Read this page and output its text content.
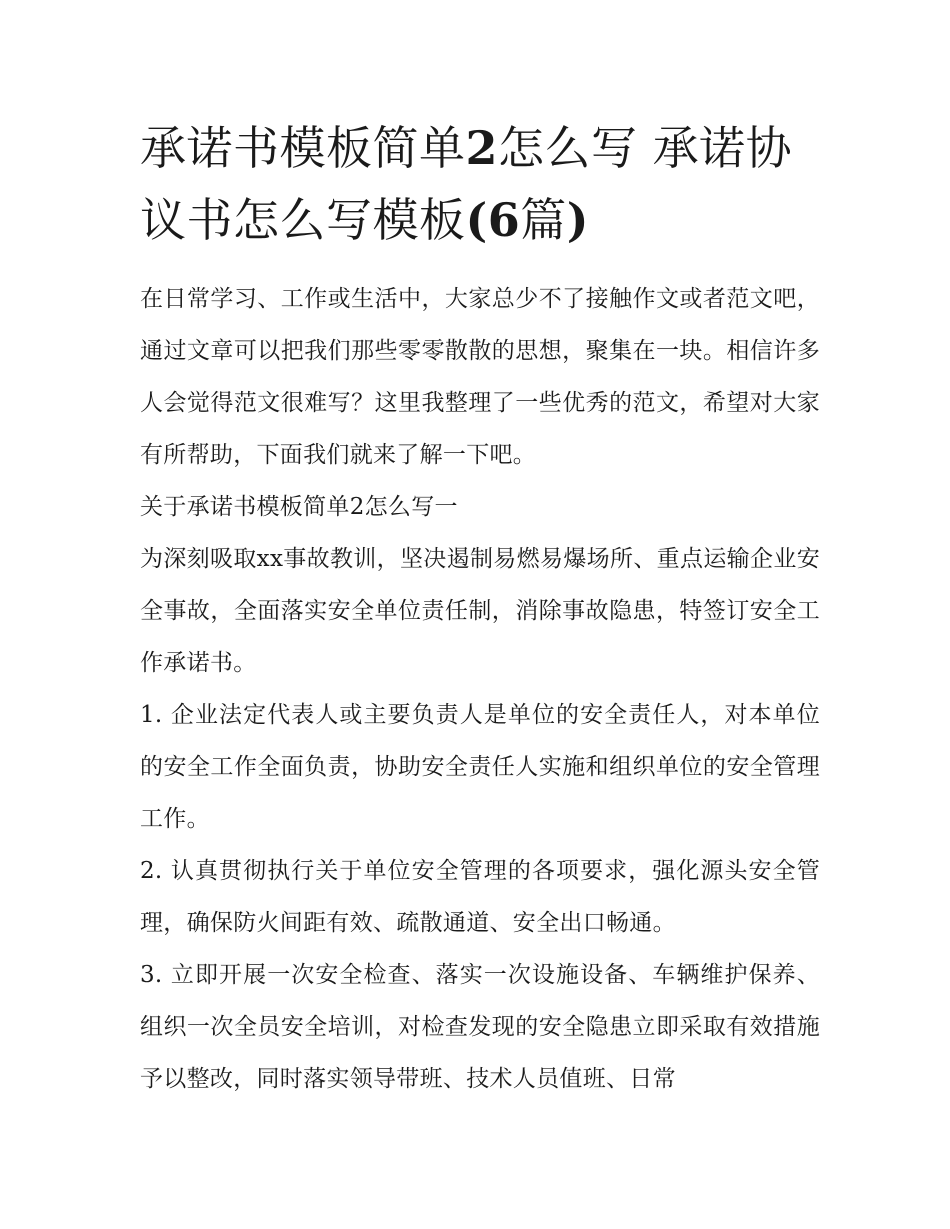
承诺书模板简单2怎么写 承诺协议书怎么写模板(6篇)

在日常学习、工作或生活中，大家总少不了接触作文或者范文吧，通过文章可以把我们那些零零散散的思想，聚集在一块。相信许多人会觉得范文很难写？这里我整理了一些优秀的范文，希望对大家有所帮助，下面我们就来了解一下吧。

关于承诺书模板简单2怎么写一

为深刻吸取xx事故教训，坚决遏制易燃易爆场所、重点运输企业安全事故，全面落实安全单位责任制，消除事故隐患，特签订安全工作承诺书。

1. 企业法定代表人或主要负责人是单位的安全责任人，对本单位的安全工作全面负责，协助安全责任人实施和组织单位的安全管理工作。

2. 认真贯彻执行关于单位安全管理的各项要求，强化源头安全管理，确保防火间距有效、疏散通道、安全出口畅通。

3. 立即开展一次安全检查、落实一次设施设备、车辆维护保养、组织一次全员安全培训，对检查发现的安全隐患立即采取有效措施予以整改，同时落实领导带班、技术人员值班、日常
